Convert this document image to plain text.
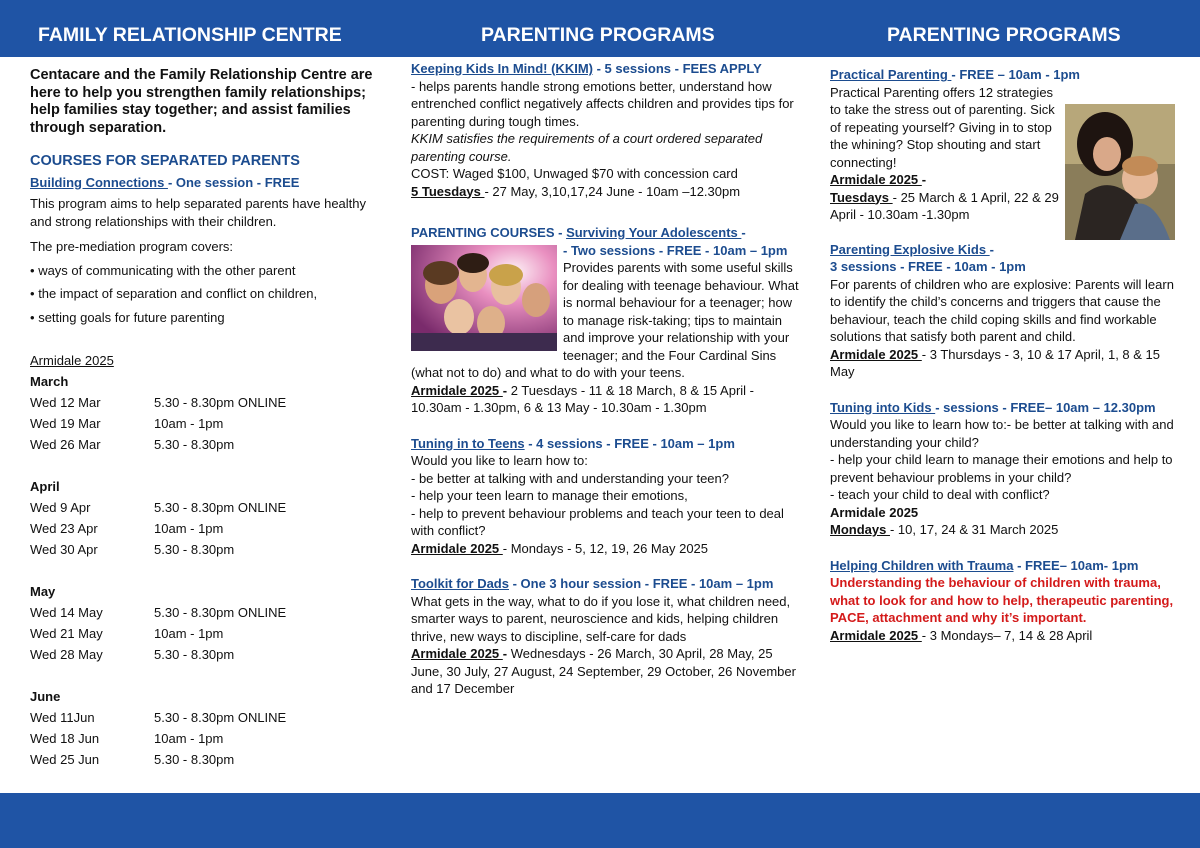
FAMILY RELATIONSHIP CENTRE	PARENTING PROGRAMS	PARENTING PROGRAMS

Centacare and the Family Relationship Centre are here to help you strengthen family relationships; help families stay together; and assist families through separation.

COURSES FOR SEPARATED PARENTS

Building Connections - One session - FREE

This program aims to help separated parents have healthy and strong relationships with their children.

The pre-mediation program covers:

• ways of communicating with the other parent

• the impact of separation and conflict on children,

• setting goals for future parenting

Armidale 2025

March
Wed 12 Mar	5.30 - 8.30pm ONLINE
Wed 19 Mar	10am - 1pm
Wed 26 Mar	5.30 - 8.30pm
April
Wed 9 Apr	5.30 - 8.30pm ONLINE
Wed 23 Apr	10am - 1pm
Wed 30 Apr	5.30 - 8.30pm
May
Wed 14 May	5.30 - 8.30pm ONLINE
Wed 21 May	10am - 1pm
Wed 28 May	5.30 - 8.30pm
June
Wed 11Jun	5.30 - 8.30pm ONLINE
Wed 18 Jun	10am - 1pm
Wed 25 Jun	5.30 - 8.30pm

Keeping Kids In Mind! (KKIM) - 5 sessions - FEES APPLY

- helps parents handle strong emotions better, understand how entrenched conflict negatively affects children and provides tips for parenting during tough times.

KKIM satisfies the requirements of a court ordered separated parenting course.

COST: Waged $100, Unwaged $70 with concession card

5 Tuesdays - 27 May, 3,10,17,24 June - 10am –12.30pm

PARENTING COURSES - Surviving Your Adolescents -

- Two sessions - FREE - 10am – 1pm

Provides parents with some useful skills for dealing with teenage behaviour. What is normal behaviour for a teenager; how to manage risk-taking; tips to maintain and improve your relationship with your teenager; and the Four Cardinal Sins (what not to do) and what to do with your teens.

Armidale 2025 - 2 Tuesdays - 11 & 18 March, 8 & 15 April - 10.30am - 1.30pm, 6 & 13 May - 10.30am - 1.30pm

Tuning in to Teens - 4 sessions - FREE - 10am – 1pm

Would you like to learn how to:

- be better at talking with and understanding your teen?

- help your teen learn to manage their emotions,

- help to prevent behaviour problems and teach your teen to deal with conflict?

Armidale 2025 - Mondays - 5, 12, 19, 26 May 2025

Toolkit for Dads - One 3 hour session - FREE - 10am – 1pm

What gets in the way, what to do if you lose it, what children need, smarter ways to parent, neuroscience and kids, helping children thrive, new ways to discipline, self-care for dads

Armidale 2025 - Wednesdays - 26 March, 30 April, 28 May, 25 June, 30 July, 27 August, 24 September, 29 October, 26 November and 17 December

Practical Parenting - FREE – 10am - 1pm

Practical Parenting offers 12 strategies to take the stress out of parenting. Sick of repeating yourself? Giving in to stop the whining? Stop shouting and start connecting!

Armidale 2025 -

Tuesdays - 25 March & 1 April, 22 & 29 April - 10.30am -1.30pm

Parenting Explosive Kids -

3 sessions - FREE - 10am - 1pm

For parents of children who are explosive: Parents will learn to identify the child’s concerns and triggers that cause the behaviour, teach the child coping skills and find workable solutions that satisfy both parent and child.

Armidale 2025 - 3 Thursdays - 3, 10 & 17 April, 1, 8 & 15 May

Tuning into Kids - sessions - FREE– 10am – 12.30pm

Would you like to learn how to:- be better at talking with and understanding your child?

- help your child learn to manage their emotions and help to prevent behaviour problems in your child?

- teach your child to deal with conflict?

Armidale 2025

Mondays - 10, 17, 24 & 31 March 2025

Helping Children with Trauma - FREE– 10am- 1pm

Understanding the behaviour of children with trauma, what to look for and how to help, therapeutic parenting, PACE, attachment and why it’s important.

Armidale 2025 - 3 Mondays– 7, 14 & 28 April
